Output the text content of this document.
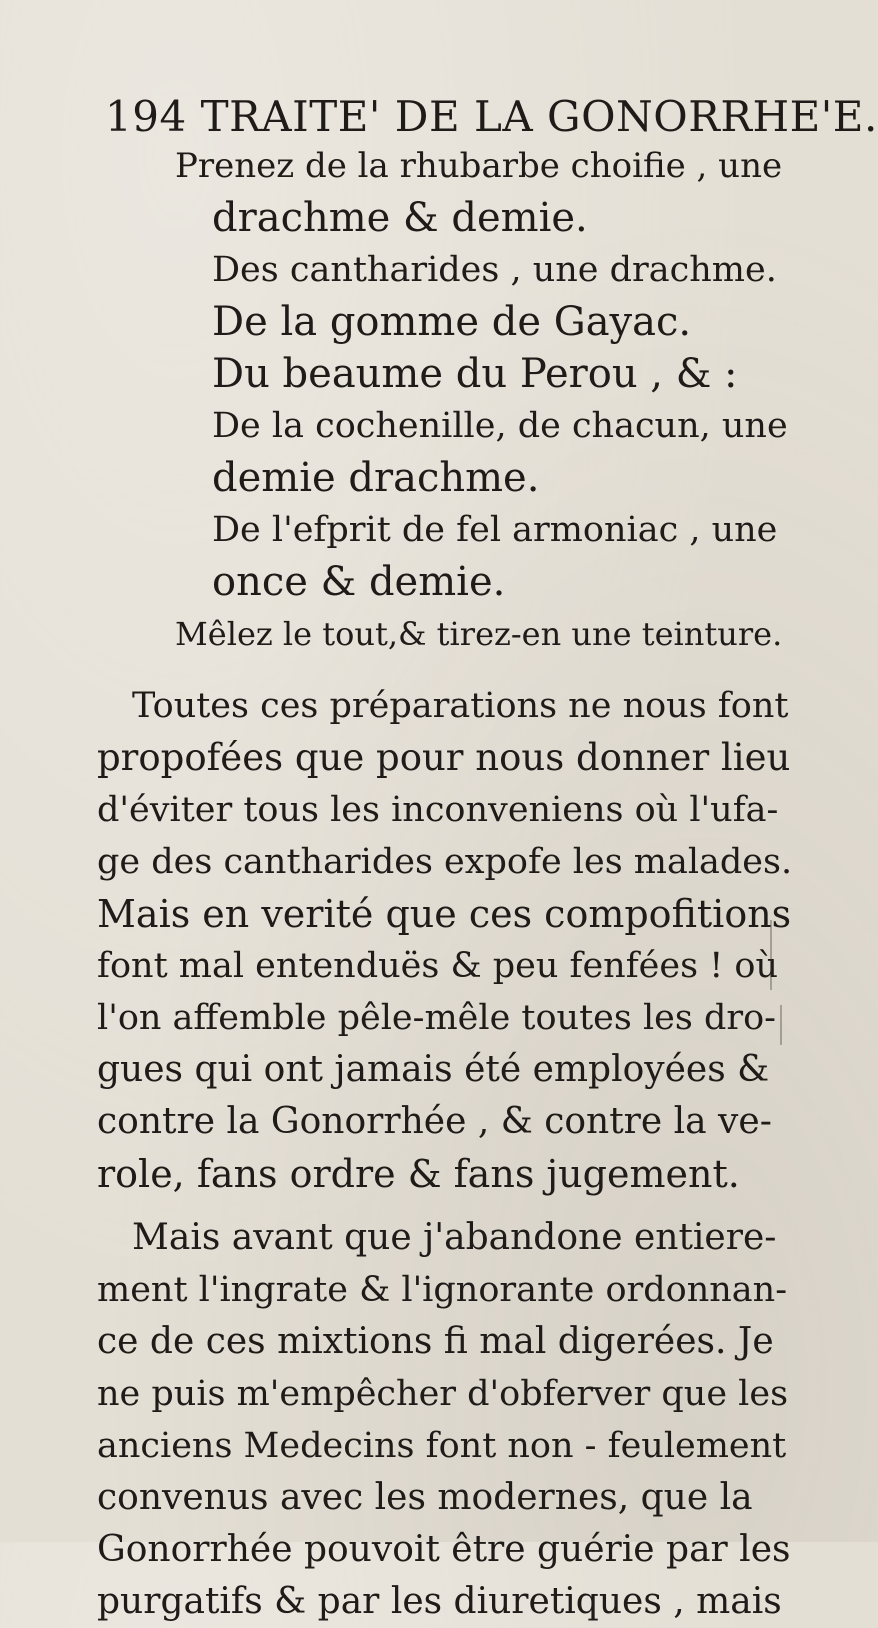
194 TRAITE' DE LA GONORRHE'E.
Prenez de la rhubarbe choifie , une
drachme & demie.
Des cantharides , une drachme.
De la gomme de Gayac.
Du beaume du Perou , & :
De la cochenille, de chacun, une
demie drachme.
De l'efprit de fel armoniac , une
once & demie.
Mêlez le tout,& tirez-en une teinture.
Toutes ces préparations ne nous font
propofées que pour nous donner lieu
d'éviter tous les inconveniens où l'ufa-
ge des cantharides expofe les malades.
Mais en verité que ces compofitions
font mal entenduës & peu fenfées ! où
l'on affemble pêle-mêle toutes les dro-
gues qui ont jamais été employées &
contre la Gonorrhée , & contre la ve-
role, fans ordre & fans jugement.
Mais avant que j'abandone entiere-
ment l'ingrate & l'ignorante ordonnan-
ce de ces mixtions fi mal digerées. Je
ne puis m'empêcher d'obferver que les
anciens Medecins font non - feulement
convenus avec les modernes, que la
Gonorrhée pouvoit être guérie par les
purgatifs & par les diuretiques , mais
